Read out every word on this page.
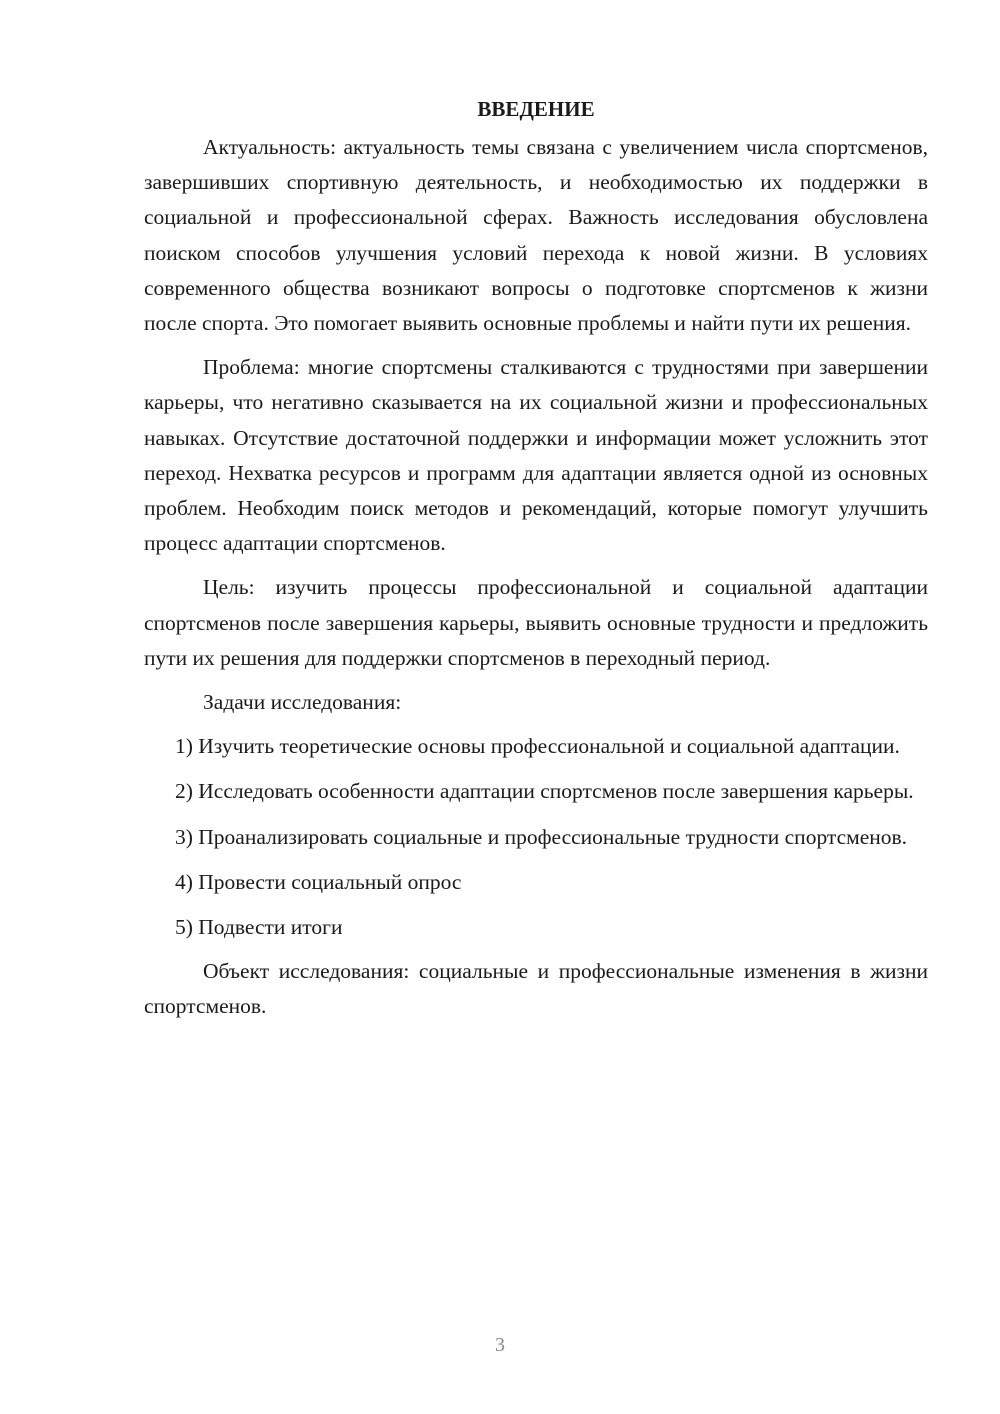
ВВЕДЕНИЕ

Актуальность: актуальность темы связана с увеличением числа спортсменов, завершивших спортивную деятельность, и необходимостью их поддержки в социальной и профессиональной сферах. Важность исследования обусловлена поиском способов улучшения условий перехода к новой жизни. В условиях современного общества возникают вопросы о подготовке спортсменов к жизни после спорта. Это помогает выявить основные проблемы и найти пути их решения.

Проблема: многие спортсмены сталкиваются с трудностями при завершении карьеры, что негативно сказывается на их социальной жизни и профессиональных навыках. Отсутствие достаточной поддержки и информации может усложнить этот переход. Нехватка ресурсов и программ для адаптации является одной из основных проблем. Необходим поиск методов и рекомендаций, которые помогут улучшить процесс адаптации спортсменов.

Цель: изучить процессы профессиональной и социальной адаптации спортсменов после завершения карьеры, выявить основные трудности и предложить пути их решения для поддержки спортсменов в переходный период.

Задачи исследования:

1) Изучить теоретические основы профессиональной и социальной адаптации.

2) Исследовать особенности адаптации спортсменов после завершения карьеры.

3) Проанализировать социальные и профессиональные трудности спортсменов.

4) Провести социальный опрос

5) Подвести итоги

Объект исследования: социальные и профессиональные изменения в жизни спортсменов.

3
